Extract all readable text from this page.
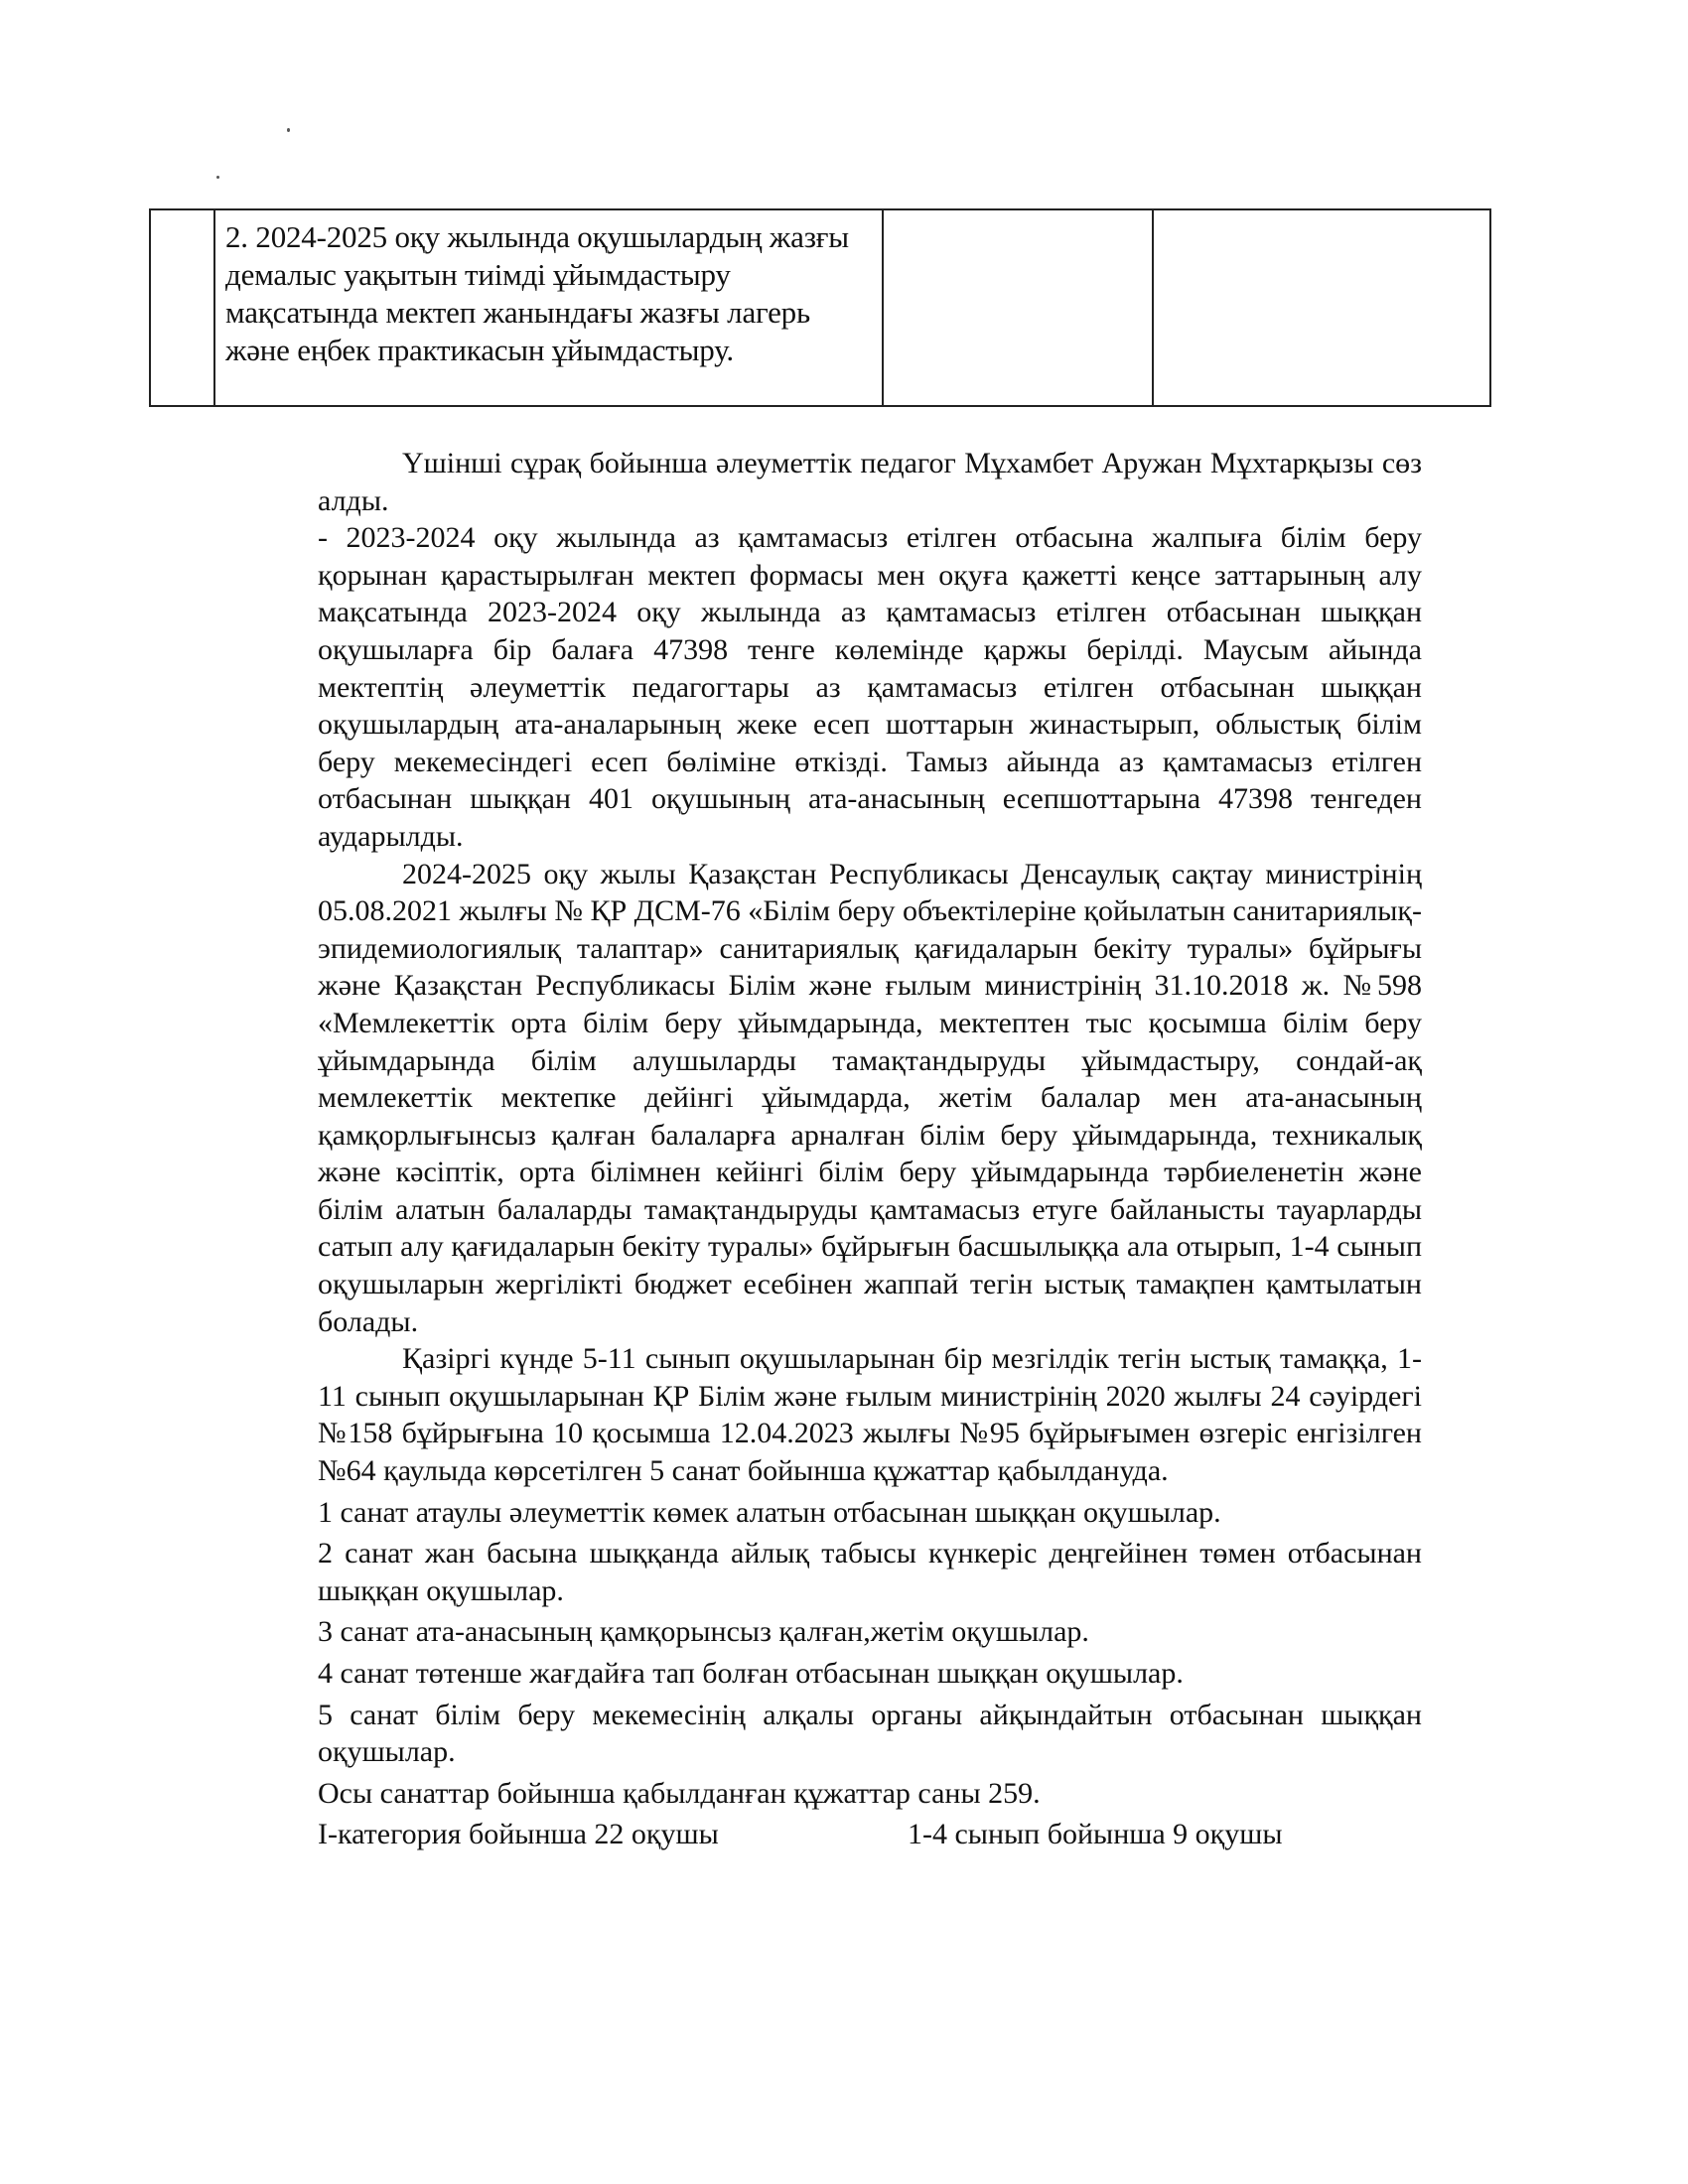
2. 2024-2025 оқу жылында оқушылардың жазғы демалыс уақытын тиімді ұйымдастыру мақсатында мектеп жанындағы жазғы лагерь және еңбек практикасын ұйымдастыру.

Үшінші сұрақ бойынша әлеуметтік педагог Мұхамбет Аружан Мұхтарқызы сөз алды.

- 2023-2024 оқу жылында аз қамтамасыз етілген отбасына жалпыға білім беру қорынан қарастырылған мектеп формасы мен оқуға қажетті кеңсе заттарының алу мақсатында 2023-2024 оқу жылында аз қамтамасыз етілген отбасынан шыққан оқушыларға бір балаға 47398 тенге көлемінде қаржы берілді. Маусым айында мектептің әлеуметтік педагогтары аз қамтамасыз етілген отбасынан шыққан оқушылардың ата-аналарының жеке есеп шоттарын жинастырып, облыстық білім беру мекемесіндегі есеп бөліміне өткізді. Тамыз айында аз қамтамасыз етілген отбасынан шыққан 401 оқушының ата-анасының есепшоттарына 47398 тенгеден аударылды.

2024-2025 оқу жылы Қазақстан Республикасы Денсаулық сақтау министрінің 05.08.2021 жылғы № ҚР ДСМ-76 «Білім беру объектілеріне қойылатын санитариялық-эпидемиологиялық талаптар» санитариялық қағидаларын бекіту туралы» бұйрығы және Қазақстан Республикасы Білім және ғылым министрінің 31.10.2018 ж. №598 «Мемлекеттік орта білім беру ұйымдарында, мектептен тыс қосымша білім беру ұйымдарында білім алушыларды тамақтандыруды ұйымдастыру, сондай-ақ мемлекеттік мектепке дейінгі ұйымдарда, жетім балалар мен ата-анасының қамқорлығынсыз қалған балаларға арналған білім беру ұйымдарында, техникалық және кәсіптік, орта білімнен кейінгі білім беру ұйымдарында тәрбиеленетін және білім алатын балаларды тамақтандыруды қамтамасыз етуге байланысты тауарларды сатып алу қағидаларын бекіту туралы» бұйрығын басшылыққа ала отырып, 1-4 сынып оқушыларын жергілікті бюджет есебінен жаппай тегін ыстық тамақпен қамтылатын болады.

Қазіргі күнде 5-11 сынып оқушыларынан бір мезгілдік тегін ыстық тамаққа, 1-11 сынып оқушыларынан ҚР Білім және ғылым министрінің 2020 жылғы 24 сәуірдегі №158 бұйрығына 10 қосымша 12.04.2023 жылғы №95 бұйрығымен өзгеріс енгізілген №64 қаулыда көрсетілген 5 санат бойынша құжаттар қабылдануда.

1 санат атаулы әлеуметтік көмек алатын отбасынан шыққан оқушылар.

2 санат жан басына шыққанда айлық табысы күнкеріс деңгейінен төмен отбасынан шыққан оқушылар.

3 санат ата-анасының қамқорынсыз қалған,жетім оқушылар.

4 санат төтенше жағдайға тап болған отбасынан шыққан оқушылар.

5 санат білім беру мекемесінің алқалы органы айқындайтын отбасынан шыққан оқушылар.

Осы санаттар бойынша қабылданған құжаттар саны 259.

І-категория бойынша 22 оқушы	1-4 сынып бойынша 9 оқушы
